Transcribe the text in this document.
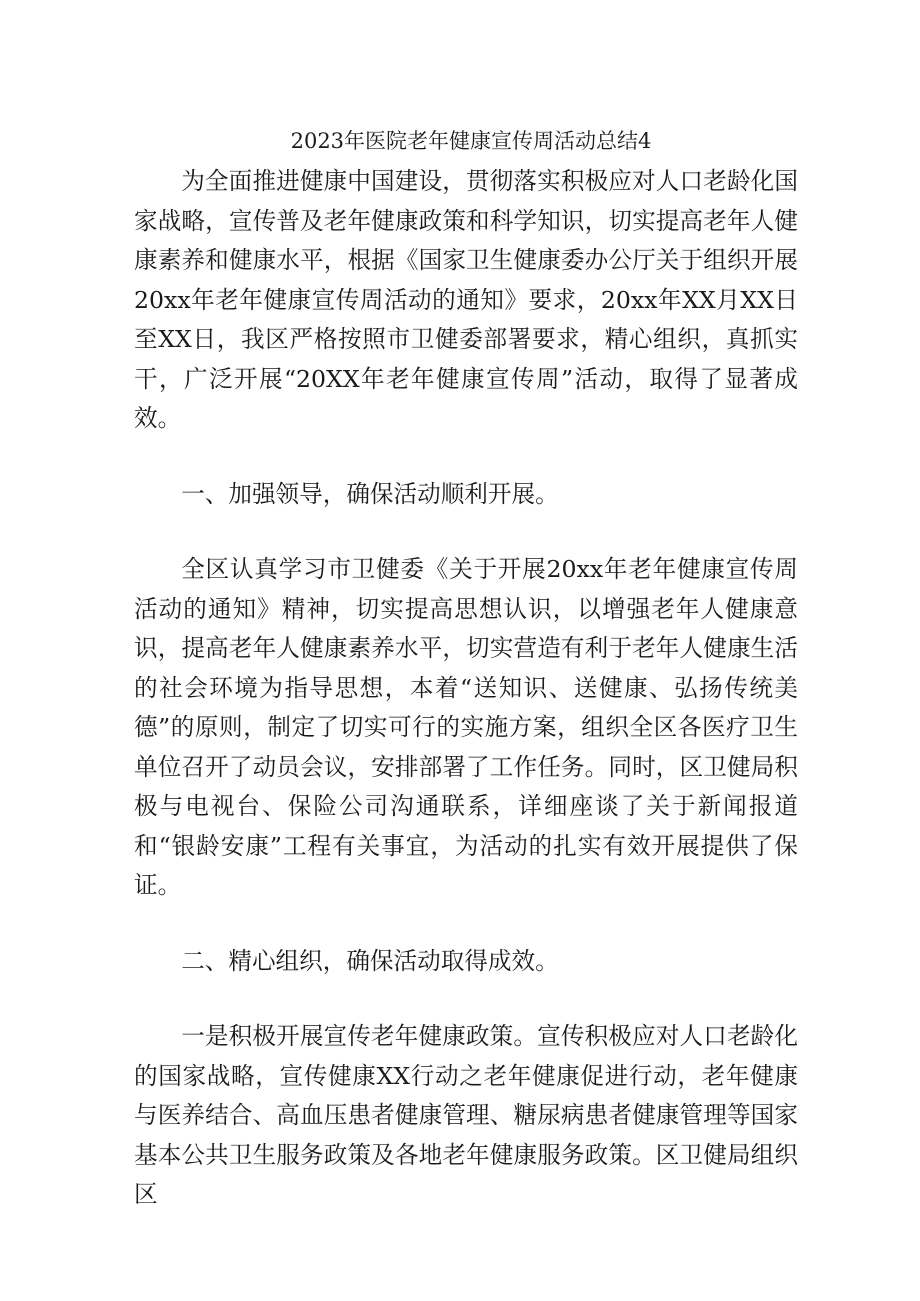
2023年医院老年健康宣传周活动总结4

为全面推进健康中国建设，贯彻落实积极应对人口老龄化国家战略，宣传普及老年健康政策和科学知识，切实提高老年人健康素养和健康水平，根据《国家卫生健康委办公厅关于组织开展20xx年老年健康宣传周活动的通知》要求，20xx年XX月XX日至XX日，我区严格按照市卫健委部署要求，精心组织，真抓实干，广泛开展“20XX年老年健康宣传周”活动，取得了显著成效。

一、加强领导，确保活动顺利开展。

全区认真学习市卫健委《关于开展20xx年老年健康宣传周活动的通知》精神，切实提高思想认识，以增强老年人健康意识，提高老年人健康素养水平，切实营造有利于老年人健康生活的社会环境为指导思想，本着“送知识、送健康、弘扬传统美德”的原则，制定了切实可行的实施方案，组织全区各医疗卫生单位召开了动员会议，安排部署了工作任务。同时，区卫健局积极与电视台、保险公司沟通联系，详细座谈了关于新闻报道和“银龄安康”工程有关事宜，为活动的扎实有效开展提供了保证。

二、精心组织，确保活动取得成效。

一是积极开展宣传老年健康政策。宣传积极应对人口老龄化的国家战略，宣传健康XX行动之老年健康促进行动，老年健康与医养结合、高血压患者健康管理、糖尿病患者健康管理等国家基本公共卫生服务政策及各地老年健康服务政策。区卫健局组织区
